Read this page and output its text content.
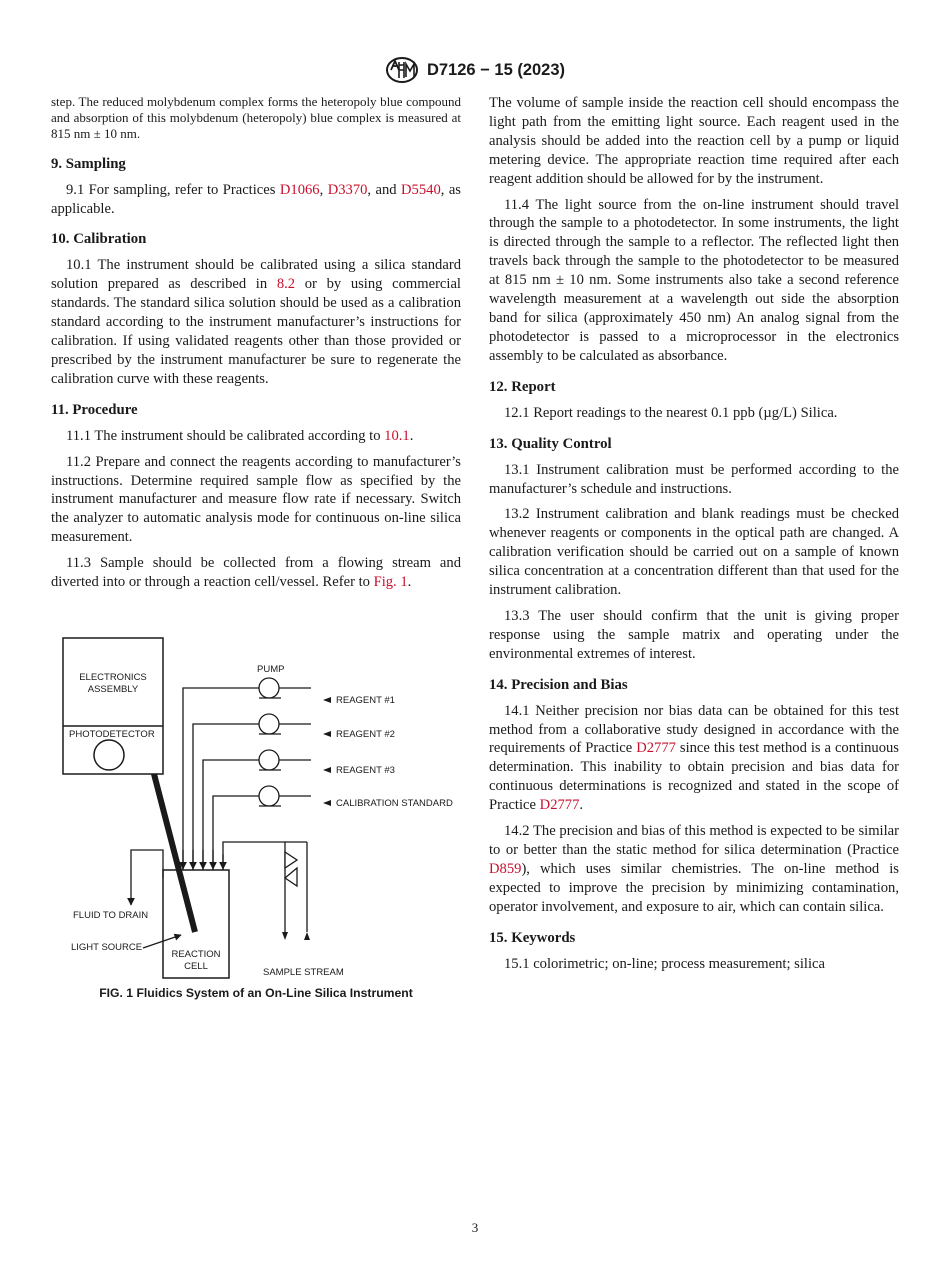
D7126 − 15 (2023)

step. The reduced molybdenum complex forms the heteropoly blue compound and absorption of this molybdenum (heteropoly) blue complex is measured at 815 nm ± 10 nm.

9. Sampling

9.1 For sampling, refer to Practices D1066, D3370, and D5540, as applicable.

10. Calibration

10.1 The instrument should be calibrated using a silica standard solution prepared as described in 8.2 or by using commercial standards. The standard silica solution should be used as a calibration standard according to the instrument manufacturer’s instructions for calibration. If using validated reagents other than those provided or prescribed by the instrument manufacturer be sure to regenerate the calibration curve with these reagents.

11. Procedure

11.1 The instrument should be calibrated according to 10.1.

11.2 Prepare and connect the reagents according to manufacturer’s instructions. Determine required sample flow as specified by the instrument manufacturer and measure flow rate if necessary. Switch the analyzer to automatic analysis mode for continuous on-line silica measurement.

11.3 Sample should be collected from a flowing stream and diverted into or through a reaction cell/vessel. Refer to Fig. 1.

ELECTRONICS
ASSEMBLY
PHOTODETECTOR
REACTION
CELL
PUMP
REAGENT #1
REAGENT #2
REAGENT #3
CALIBRATION STANDARD
SAMPLE STREAM
FLUID TO DRAIN
LIGHT SOURCE
FIG. 1 Fluidics System of an On-Line Silica Instrument

The volume of sample inside the reaction cell should encompass the light path from the emitting light source. Each reagent used in the analysis should be added into the reaction cell by a pump or liquid metering device. The appropriate reaction time required after each reagent addition should be allowed for by the instrument.

11.4 The light source from the on-line instrument should travel through the sample to a photodetector. In some instruments, the light is directed through the sample to a reflector. The reflected light then travels back through the sample to the photodetector to be measured at 815 nm ± 10 nm. Some instruments also take a second reference wavelength measurement at a wavelength out side the absorption band for silica (approximately 450 nm) An analog signal from the photodetector is passed to a microprocessor in the electronics assembly to be calculated as absorbance.

12. Report

12.1 Report readings to the nearest 0.1 ppb (µg/L) Silica.

13. Quality Control

13.1 Instrument calibration must be performed according to the manufacturer’s schedule and instructions.

13.2 Instrument calibration and blank readings must be checked whenever reagents or components in the optical path are changed. A calibration verification should be carried out on a sample of known silica concentration at a concentration different than that used for the instrument calibration.

13.3 The user should confirm that the unit is giving proper response using the sample matrix and operating under the environmental extremes of interest.

14. Precision and Bias

14.1 Neither precision nor bias data can be obtained for this test method from a collaborative study designed in accordance with the requirements of Practice D2777 since this test method is a continuous determination. This inability to obtain precision and bias data for continuous determinations is recognized and stated in the scope of Practice D2777.

14.2 The precision and bias of this method is expected to be similar to or better than the static method for silica determination (Practice D859), which uses similar chemistries. The on-line method is expected to improve the precision by minimizing contamination, operator involvement, and exposure to air, which can contain silica.

15. Keywords

15.1 colorimetric; on-line; process measurement; silica

3
